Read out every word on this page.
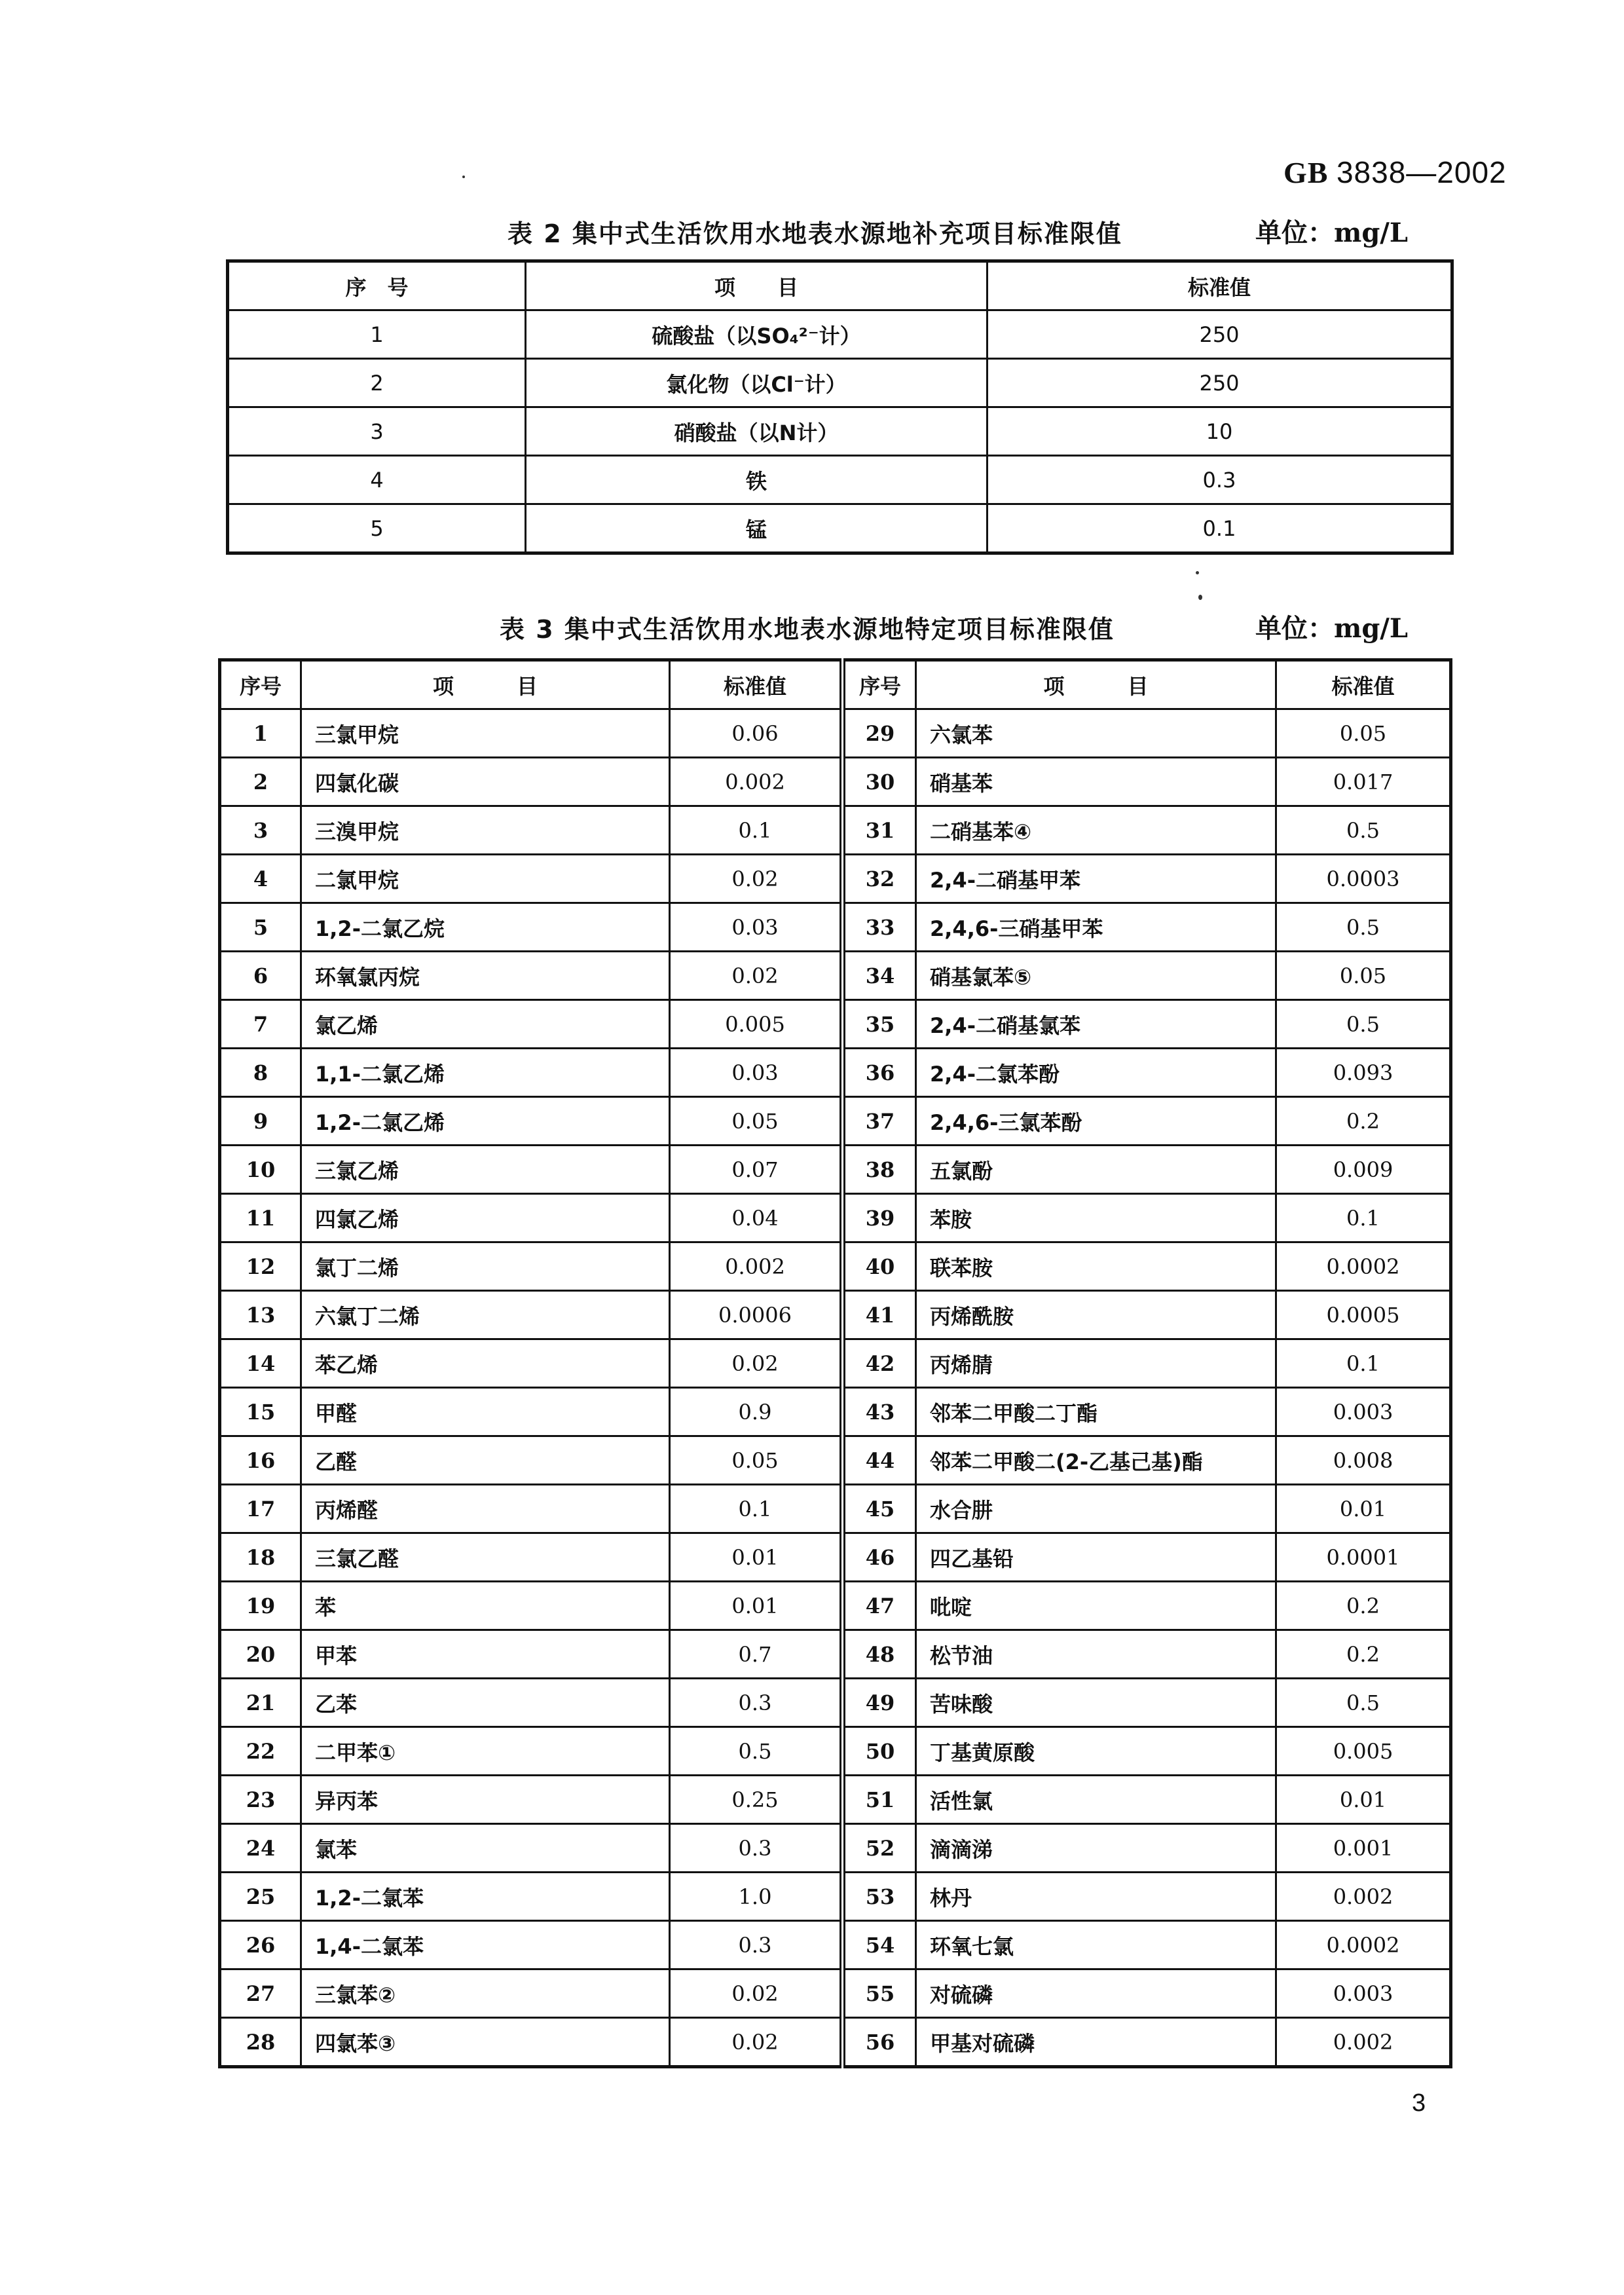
GB 3838—2002
表 2 集中式生活饮用水地表水源地补充项目标准限值	单位：mg/L
序　号	项　　目	标准值
1	硫酸盐（以SO₄²⁻计）	250
2	氯化物（以Cl⁻计）	250
3	硝酸盐（以N计）	10
4	铁	0.3
5	锰	0.1
表 3 集中式生活饮用水地表水源地特定项目标准限值	单位：mg/L
序号	项　　　目	标准值	序号	项　　　目	标准值
1	三氯甲烷	0.06	29	六氯苯	0.05
2	四氯化碳	0.002	30	硝基苯	0.017
3	三溴甲烷	0.1	31	二硝基苯④	0.5
4	二氯甲烷	0.02	32	2,4-二硝基甲苯	0.0003
5	1,2-二氯乙烷	0.03	33	2,4,6-三硝基甲苯	0.5
6	环氧氯丙烷	0.02	34	硝基氯苯⑤	0.05
7	氯乙烯	0.005	35	2,4-二硝基氯苯	0.5
8	1,1-二氯乙烯	0.03	36	2,4-二氯苯酚	0.093
9	1,2-二氯乙烯	0.05	37	2,4,6-三氯苯酚	0.2
10	三氯乙烯	0.07	38	五氯酚	0.009
11	四氯乙烯	0.04	39	苯胺	0.1
12	氯丁二烯	0.002	40	联苯胺	0.0002
13	六氯丁二烯	0.0006	41	丙烯酰胺	0.0005
14	苯乙烯	0.02	42	丙烯腈	0.1
15	甲醛	0.9	43	邻苯二甲酸二丁酯	0.003
16	乙醛	0.05	44	邻苯二甲酸二(2-乙基己基)酯	0.008
17	丙烯醛	0.1	45	水合肼	0.01
18	三氯乙醛	0.01	46	四乙基铅	0.0001
19	苯	0.01	47	吡啶	0.2
20	甲苯	0.7	48	松节油	0.2
21	乙苯	0.3	49	苦味酸	0.5
22	二甲苯①	0.5	50	丁基黄原酸	0.005
23	异丙苯	0.25	51	活性氯	0.01
24	氯苯	0.3	52	滴滴涕	0.001
25	1,2-二氯苯	1.0	53	林丹	0.002
26	1,4-二氯苯	0.3	54	环氧七氯	0.0002
27	三氯苯②	0.02	55	对硫磷	0.003
28	四氯苯③	0.02	56	甲基对硫磷	0.002
3
